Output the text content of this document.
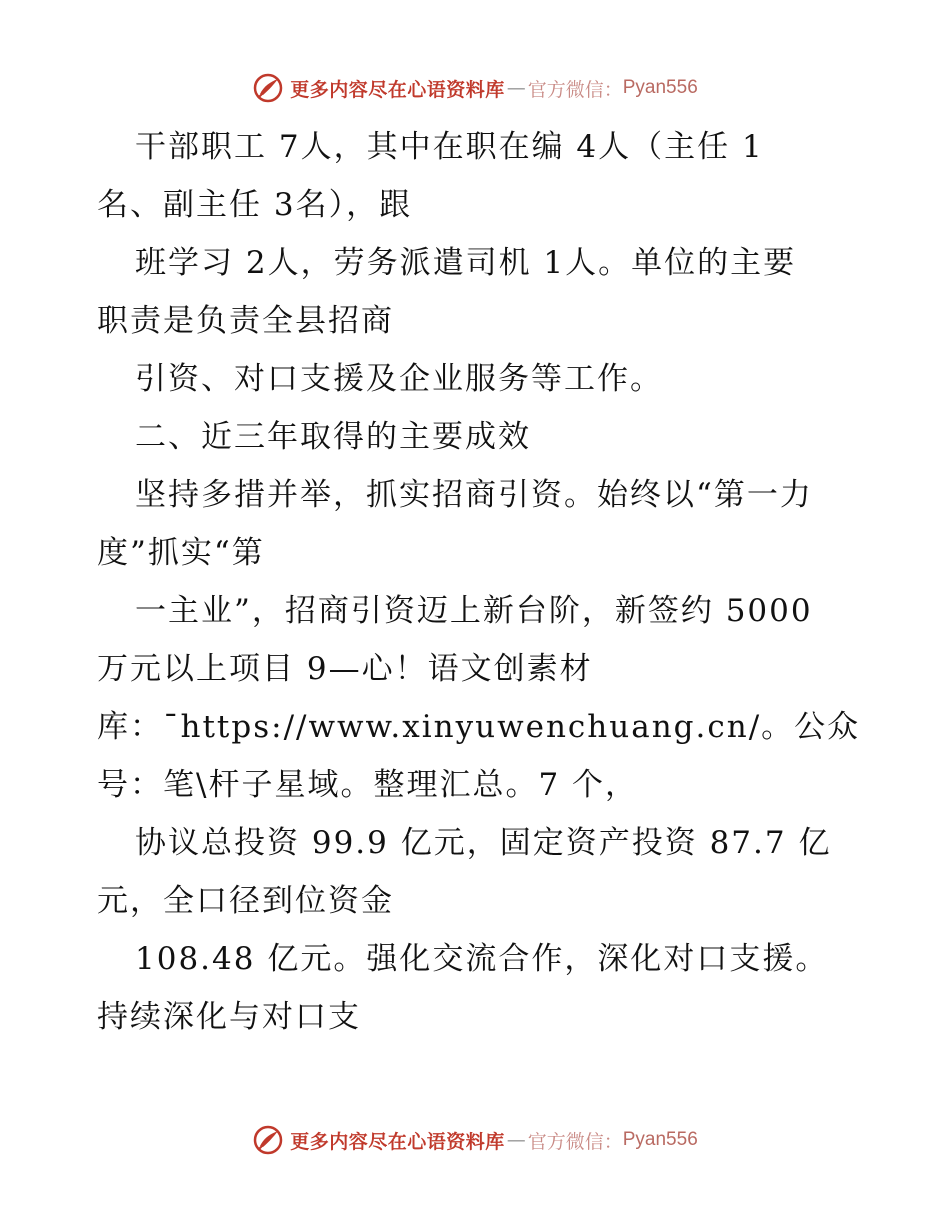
更多内容尽在心语资料库 — 官方微信： Pyan556

干部职工 7人，其中在职在编 4人（主任 1
名、副主任 3名），跟

班学习 2人，劳务派遣司机 1人。单位的主要
职责是负责全县招商

引资、对口支援及企业服务等工作。

二、近三年取得的主要成效

坚持多措并举，抓实招商引资。始终以“第一力
度”抓实“第

一主业”，招商引资迈上新台阶，新签约 5000
万元以上项目 9—心！语文创素材
库：¯https://www.xinyuwenchuang.cn/。公众
号：笔\杆子星域。整理汇总。7 个，

协议总投资 99.9 亿元，固定资产投资 87.7 亿
元，全口径到位资金

108.48 亿元。强化交流合作，深化对口支援。
持续深化与对口支

更多内容尽在心语资料库 — 官方微信： Pyan556
